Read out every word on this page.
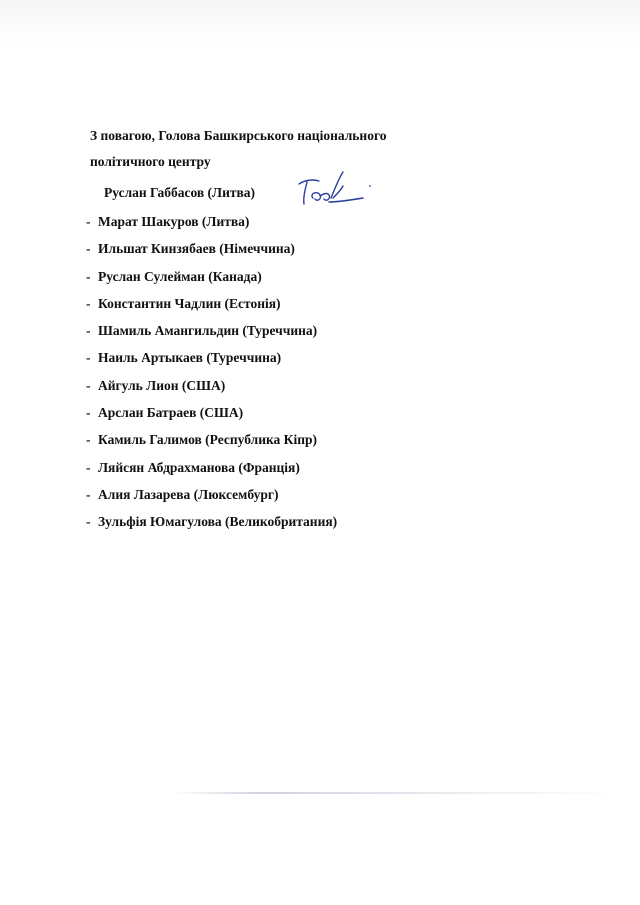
З повагою, Голова Башкирського національного
політичного центру
Руслан Габбасов (Литва)
- Марат Шакуров (Литва)
- Ильшат Кинзябаев (Німеччина)
- Руслан Сулейман (Канада)
- Константин Чадлин (Естонія)
- Шамиль Амангильдин (Туреччина)
- Наиль Артыкаев (Туреччина)
- Айгуль Лион (США)
- Арслан Батраев (США)
- Камиль Галимов (Республика Кіпр)
- Ляйсян Абдрахманова (Франція)
- Алия Лазарева (Люксембург)
- Зульфія Юмагулова (Великобритания)
